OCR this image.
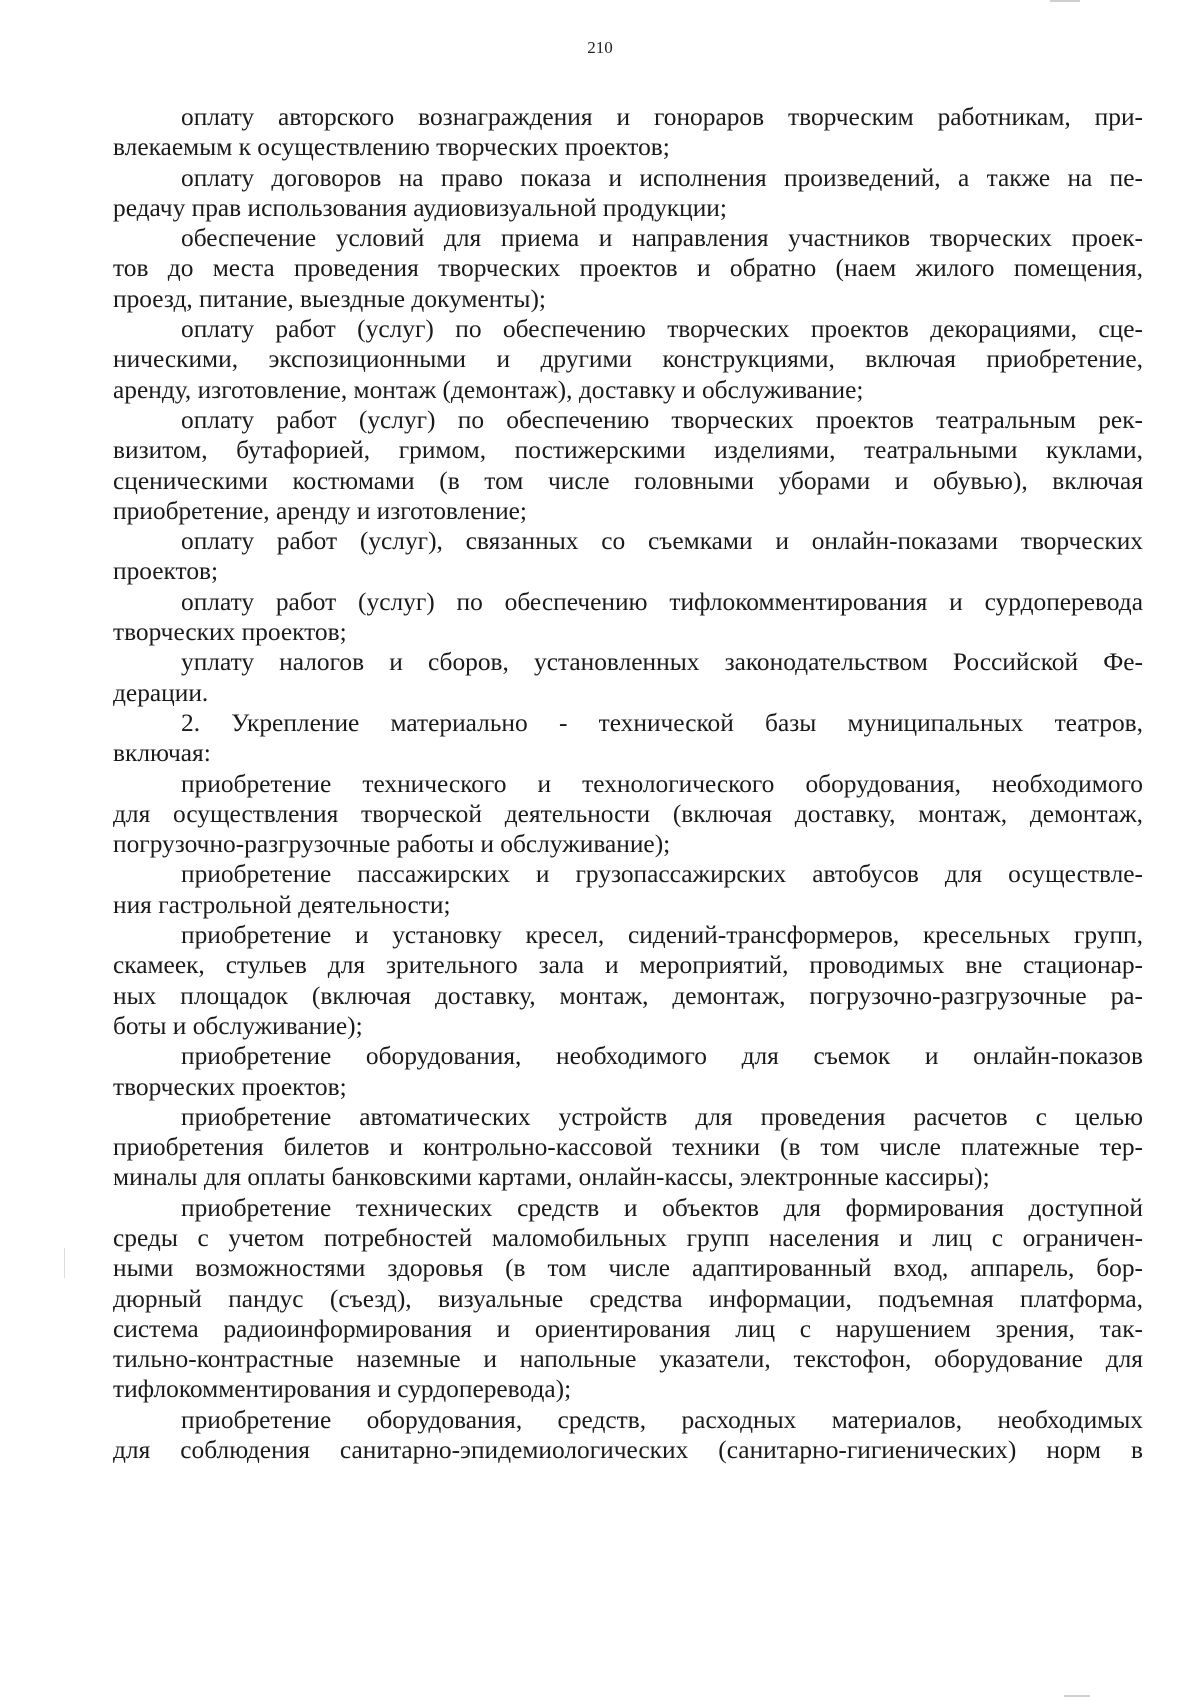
210

оплату авторского вознаграждения и гонораров творческим работникам, при-
влекаемым к осуществлению творческих проектов;
оплату договоров на право показа и исполнения произведений, а также на пе-
редачу прав использования аудиовизуальной продукции;
обеспечение условий для приема и направления участников творческих проек-
тов до места проведения творческих проектов и обратно (наем жилого помещения,
проезд, питание, выездные документы);
оплату работ (услуг) по обеспечению творческих проектов декорациями, сце-
ническими, экспозиционными и другими конструкциями, включая приобретение,
аренду, изготовление, монтаж (демонтаж), доставку и обслуживание;
оплату работ (услуг) по обеспечению творческих проектов театральным рек-
визитом, бутафорией, гримом, постижерскими изделиями, театральными куклами,
сценическими костюмами (в том числе головными уборами и обувью), включая
приобретение, аренду и изготовление;
оплату работ (услуг), связанных со съемками и онлайн-показами творческих
проектов;
оплату работ (услуг) по обеспечению тифлокомментирования и сурдоперевода
творческих проектов;
уплату налогов и сборов, установленных законодательством Российской Фе-
дерации.
2. Укрепление материально - технической базы муниципальных театров,
включая:
приобретение технического и технологического оборудования, необходимого
для осуществления творческой деятельности (включая доставку, монтаж, демонтаж,
погрузочно-разгрузочные работы и обслуживание);
приобретение пассажирских и грузопассажирских автобусов для осуществле-
ния гастрольной деятельности;
приобретение и установку кресел, сидений-трансформеров, кресельных групп,
скамеек, стульев для зрительного зала и мероприятий, проводимых вне стационар-
ных площадок (включая доставку, монтаж, демонтаж, погрузочно-разгрузочные ра-
боты и обслуживание);
приобретение оборудования, необходимого для съемок и онлайн-показов
творческих проектов;
приобретение автоматических устройств для проведения расчетов с целью
приобретения билетов и контрольно-кассовой техники (в том числе платежные тер-
миналы для оплаты банковскими картами, онлайн-кассы, электронные кассиры);
приобретение технических средств и объектов для формирования доступной
среды с учетом потребностей маломобильных групп населения и лиц с ограничен-
ными возможностями здоровья (в том числе адаптированный вход, аппарель, бор-
дюрный пандус (съезд), визуальные средства информации, подъемная платформа,
система радиоинформирования и ориентирования лиц с нарушением зрения, так-
тильно-контрастные наземные и напольные указатели, текстофон, оборудование для
тифлокомментирования и сурдоперевода);
приобретение оборудования, средств, расходных материалов, необходимых
для соблюдения санитарно-эпидемиологических (санитарно-гигиенических) норм в
